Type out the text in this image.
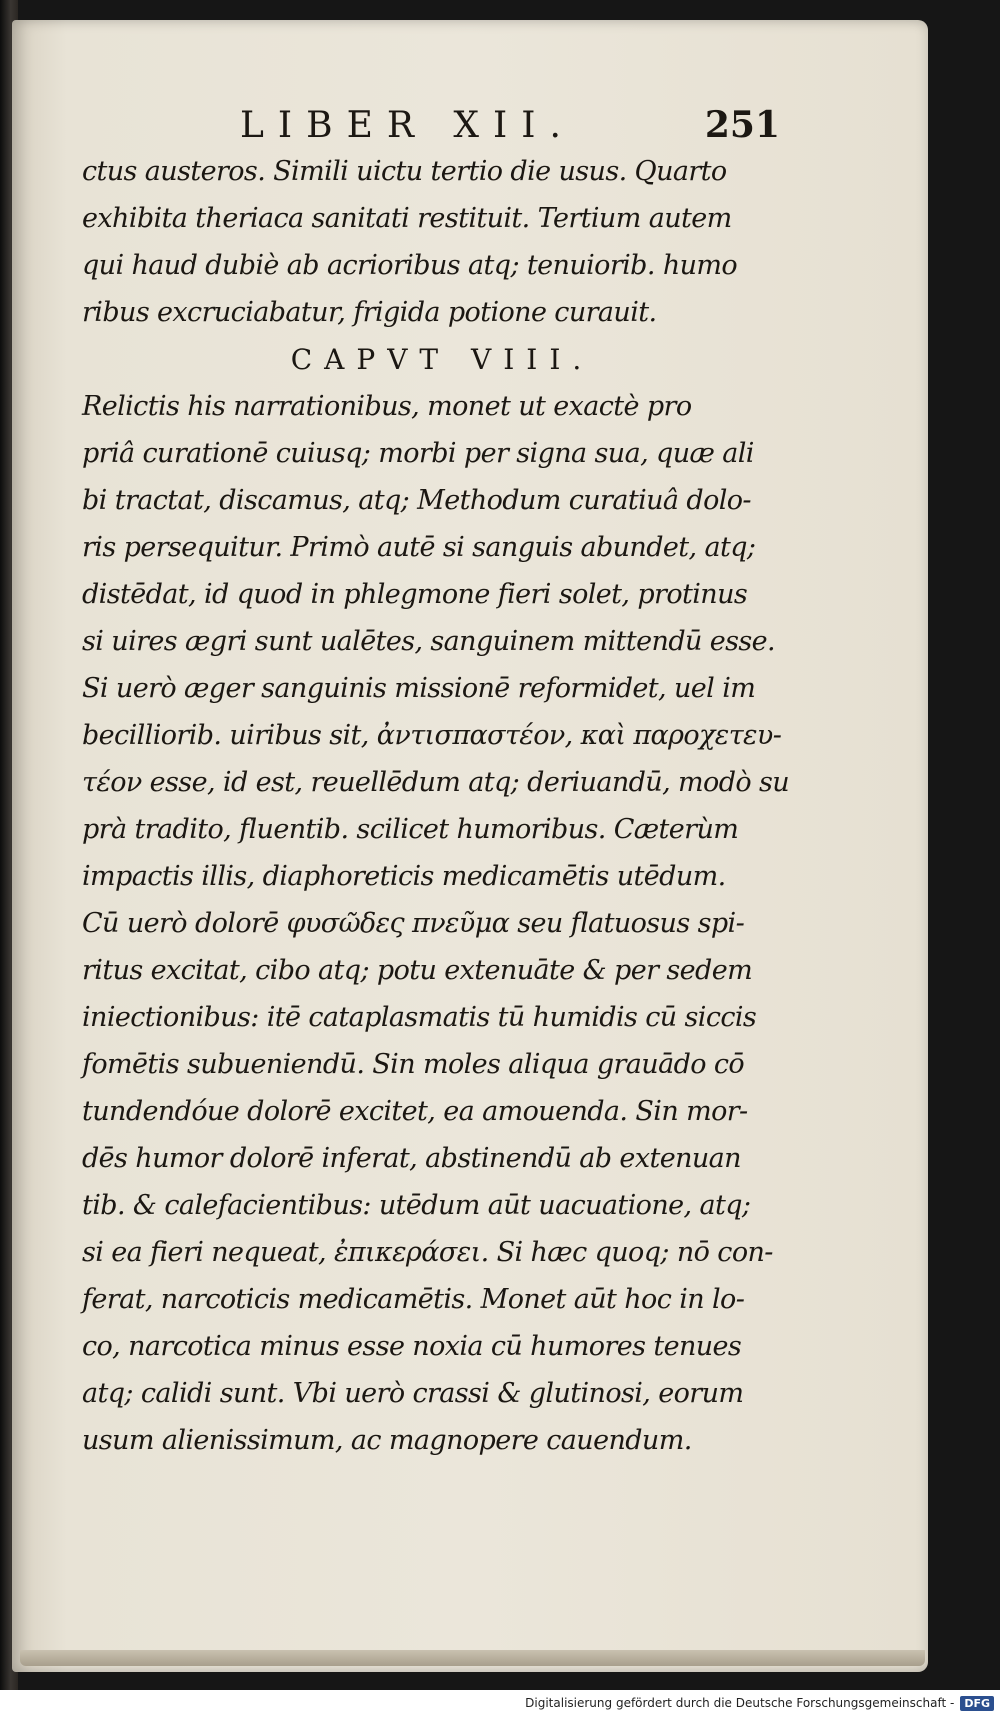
LIBER XII.	251
ctus austeros. Simili uictu tertio die usus. Quarto
exhibita theriaca sanitati restituit. Tertium autem
qui haud dubiè ab acrioribus atq; tenuiorib. humo
ribus excruciabatur, frigida potione curauit.
CAPVT VIII.
Relictis his narrationibus, monet ut exactè pro
priâ curationē cuiusq; morbi per signa sua, quæ ali
bi tractat, discamus, atq; Methodum curatiuâ dolo-
ris persequitur. Primò autē si sanguis abundet, atq;
distēdat, id quod in phlegmone fieri solet, protinus
si uires ægri sunt ualētes, sanguinem mittendū esse.
Si uerò æger sanguinis missionē reformidet, uel im
becilliorib. uiribus sit, ἀντισπαστέον, καὶ παροχετευ-
τέον esse, id est, reuellēdum atq; deriuandū, modò su
prà tradito, fluentib. scilicet humoribus. Cæterùm
impactis illis, diaphoreticis medicamētis utēdum.
Cū uerò dolorē φυσῶδες πνεῦμα seu flatuosus spi-
ritus excitat, cibo atq; potu extenuāte & per sedem
iniectionibus: itē cataplasmatis tū humidis cū siccis
fomētis subueniendū. Sin moles aliqua grauādo cō
tundendóue dolorē excitet, ea amouenda. Sin mor-
dēs humor dolorē inferat, abstinendū ab extenuan
tib. & calefacientibus: utēdum aūt uacuatione, atq;
si ea fieri nequeat, ἐπικεράσει. Si hæc quoq; nō con-
ferat, narcoticis medicamētis. Monet aūt hoc in lo-
co, narcotica minus esse noxia cū humores tenues
atq; calidi sunt. Vbi uerò crassi & glutinosi, eorum
usum alienissimum, ac magnopere cauendum.
Digitalisierung gefördert durch die Deutsche Forschungsgemeinschaft - DFG
